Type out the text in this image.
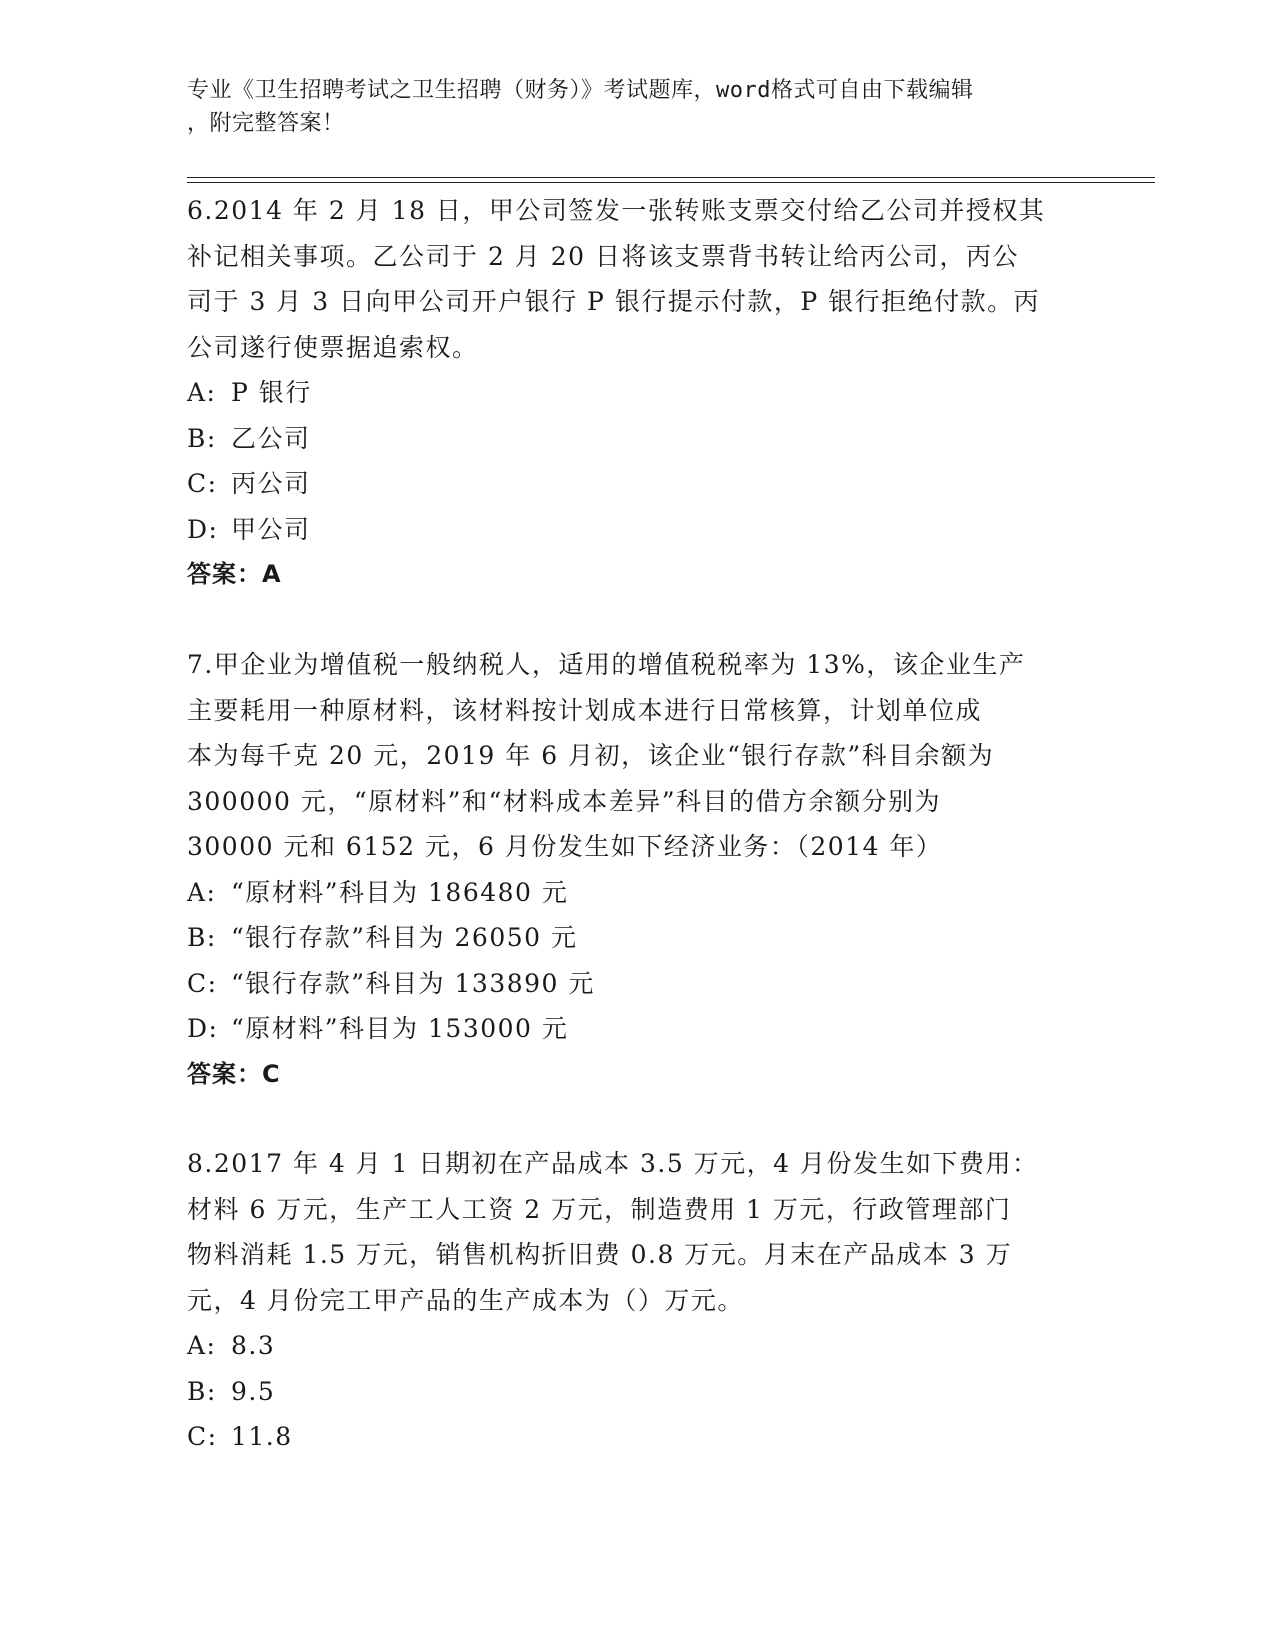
专业《卫生招聘考试之卫生招聘（财务）》考试题库，word格式可自由下载编辑
，附完整答案！
6.2014 年 2 月 18 日，甲公司签发一张转账支票交付给乙公司并授权其
补记相关事项。乙公司于 2 月 20 日将该支票背书转让给丙公司，丙公
司于 3 月 3 日向甲公司开户银行 P 银行提示付款，P 银行拒绝付款。丙
公司遂行使票据追索权。
A: P 银行
B: 乙公司
C: 丙公司
D: 甲公司
答案：A
7.甲企业为增值税一般纳税人，适用的增值税税率为 13%，该企业生产
主要耗用一种原材料，该材料按计划成本进行日常核算，计划单位成
本为每千克 20 元，2019 年 6 月初，该企业“银行存款”科目余额为
300000 元，“原材料”和“材料成本差异”科目的借方余额分别为
30000 元和 6152 元，6 月份发生如下经济业务：（2014 年）
A: “原材料”科目为 186480 元
B: “银行存款”科目为 26050 元
C: “银行存款”科目为 133890 元
D: “原材料”科目为 153000 元
答案：C
8.2017 年 4 月 1 日期初在产品成本 3.5 万元，4 月份发生如下费用：
材料 6 万元，生产工人工资 2 万元，制造费用 1 万元，行政管理部门
物料消耗 1.5 万元，销售机构折旧费 0.8 万元。月末在产品成本 3 万
元，4 月份完工甲产品的生产成本为（）万元。
A: 8.3
B: 9.5
C: 11.8
